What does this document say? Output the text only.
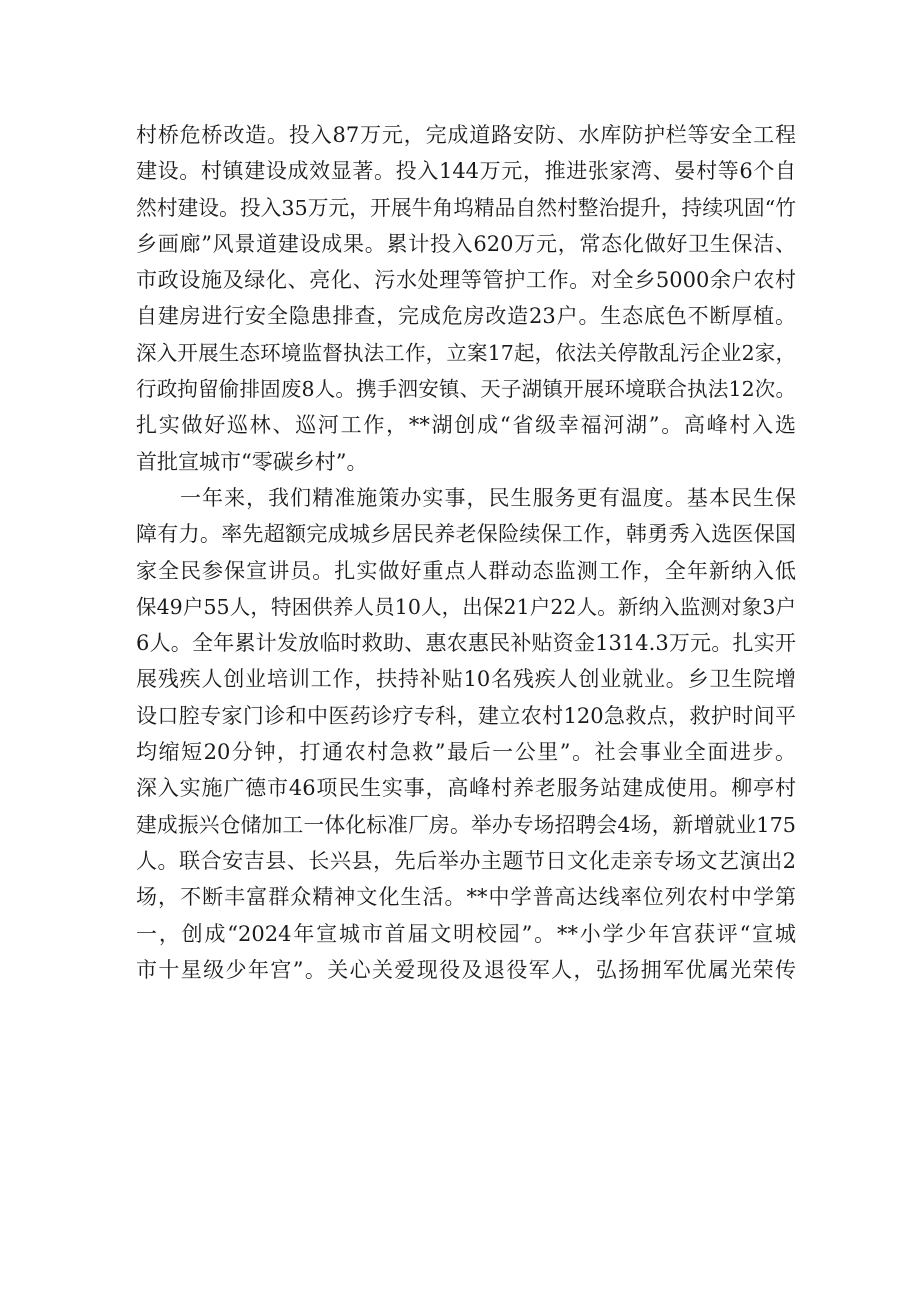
村桥危桥改造。投入87万元，完成道路安防、水库防护栏等安全工程
建设。村镇建设成效显著。投入144万元，推进张家湾、晏村等6个自
然村建设。投入35万元，开展牛角坞精品自然村整治提升，持续巩固“竹
乡画廊”风景道建设成果。累计投入620万元，常态化做好卫生保洁、
市政设施及绿化、亮化、污水处理等管护工作。对全乡5000余户农村
自建房进行安全隐患排查，完成危房改造23户。生态底色不断厚植。
深入开展生态环境监督执法工作，立案17起，依法关停散乱污企业2家，
行政拘留偷排固废8人。携手泗安镇、天子湖镇开展环境联合执法12次。
扎实做好巡林、巡河工作，**湖创成“省级幸福河湖”。高峰村入选
首批宣城市“零碳乡村”。
一年来，我们精准施策办实事，民生服务更有温度。基本民生保
障有力。率先超额完成城乡居民养老保险续保工作，韩勇秀入选医保国
家全民参保宣讲员。扎实做好重点人群动态监测工作，全年新纳入低
保49户55人，特困供养人员10人，出保21户22人。新纳入监测对象3户
6人。全年累计发放临时救助、惠农惠民补贴资金1314.3万元。扎实开
展残疾人创业培训工作，扶持补贴10名残疾人创业就业。乡卫生院增
设口腔专家门诊和中医药诊疗专科，建立农村120急救点，救护时间平
均缩短20分钟，打通农村急救”最后一公里”。社会事业全面进步。
深入实施广德市46项民生实事，高峰村养老服务站建成使用。柳亭村
建成振兴仓储加工一体化标准厂房。举办专场招聘会4场，新增就业175
人。联合安吉县、长兴县，先后举办主题节日文化走亲专场文艺演出2
场，不断丰富群众精神文化生活。**中学普高达线率位列农村中学第
一，创成“2024年宣城市首届文明校园”。**小学少年宫获评“宣城
市十星级少年宫”。关心关爱现役及退役军人，弘扬拥军优属光荣传
